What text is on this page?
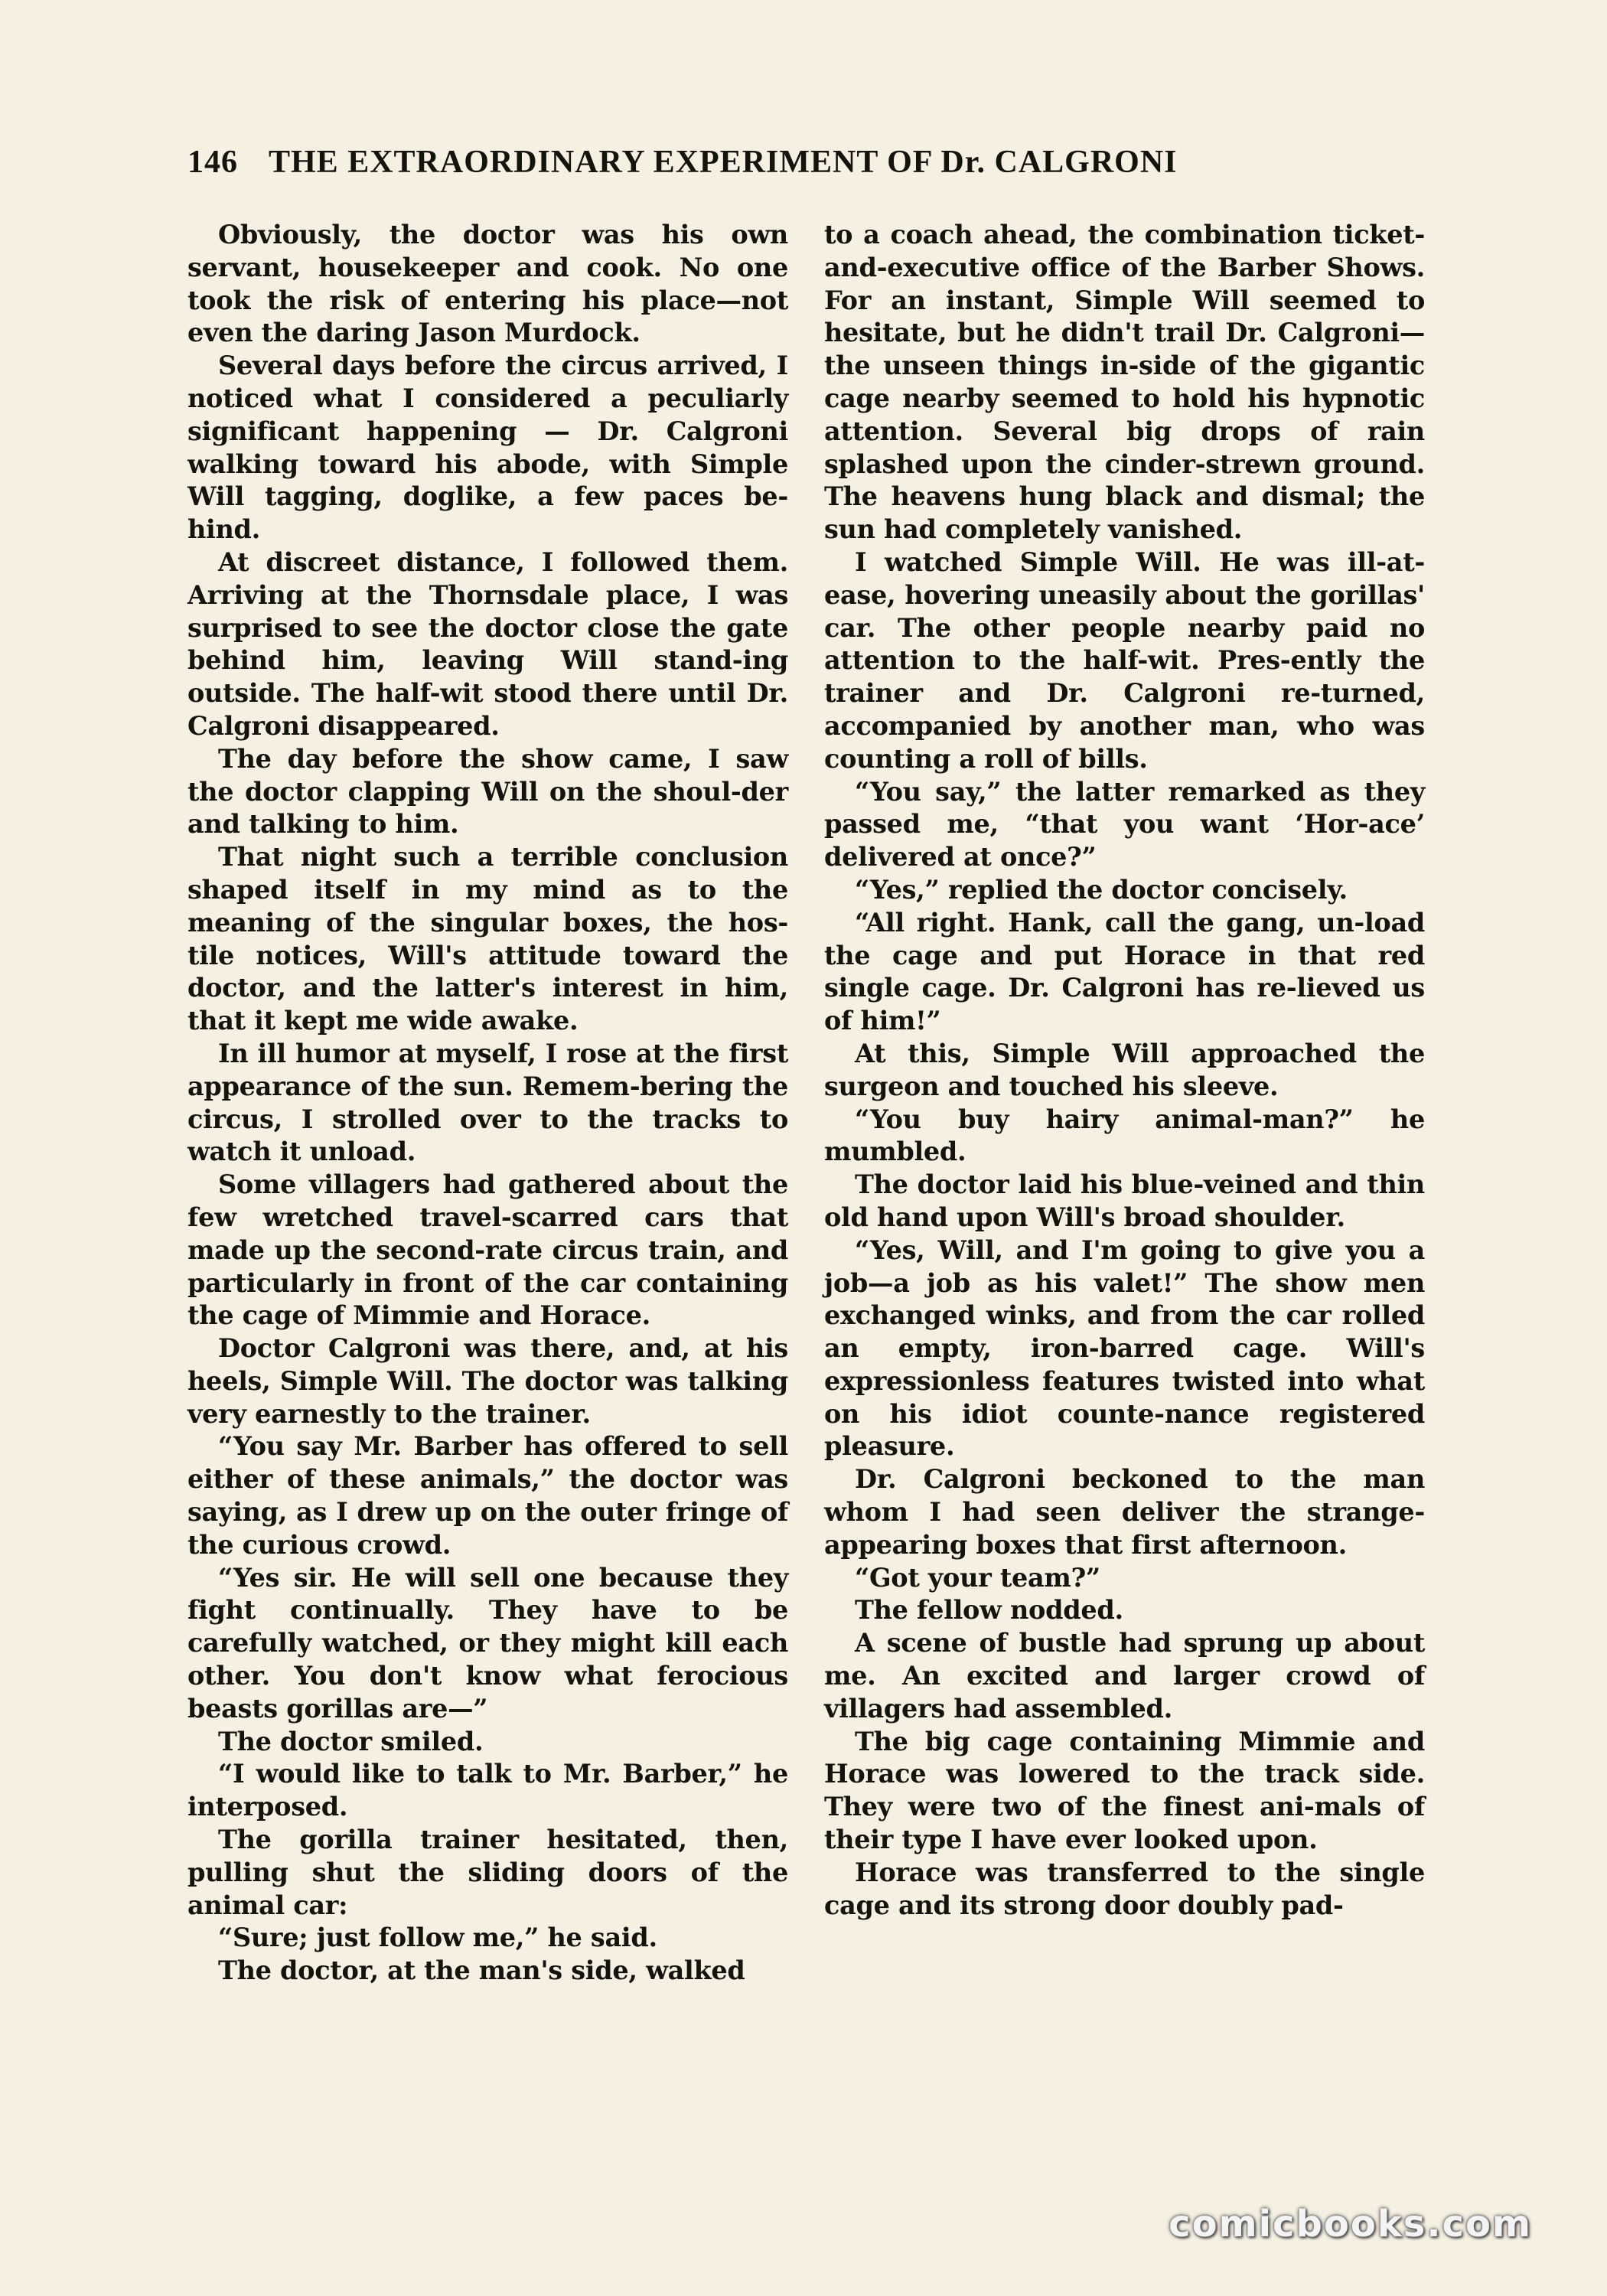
146 THE EXTRAORDINARY EXPERIMENT OF Dr. CALGRONI

Obviously, the doctor was his own servant, housekeeper and cook. No one took the risk of entering his place—not even the daring Jason Murdock.

Several days before the circus arrived, I noticed what I considered a peculiarly significant happening — Dr. Calgroni walking toward his abode, with Simple Will tagging, doglike, a few paces be-hind.

At discreet distance, I followed them. Arriving at the Thornsdale place, I was surprised to see the doctor close the gate behind him, leaving Will stand-ing outside. The half-wit stood there until Dr. Calgroni disappeared.

The day before the show came, I saw the doctor clapping Will on the shoul-der and talking to him.

That night such a terrible conclusion shaped itself in my mind as to the meaning of the singular boxes, the hos-tile notices, Will's attitude toward the doctor, and the latter's interest in him, that it kept me wide awake.

In ill humor at myself, I rose at the first appearance of the sun. Remem-bering the circus, I strolled over to the tracks to watch it unload.

Some villagers had gathered about the few wretched travel-scarred cars that made up the second-rate circus train, and particularly in front of the car containing the cage of Mimmie and Horace.

Doctor Calgroni was there, and, at his heels, Simple Will. The doctor was talking very earnestly to the trainer.

“You say Mr. Barber has offered to sell either of these animals,” the doctor was saying, as I drew up on the outer fringe of the curious crowd.

“Yes sir. He will sell one because they fight continually. They have to be carefully watched, or they might kill each other. You don't know what ferocious beasts gorillas are—”

The doctor smiled.

“I would like to talk to Mr. Barber,” he interposed.

The gorilla trainer hesitated, then, pulling shut the sliding doors of the animal car:

“Sure; just follow me,” he said.

The doctor, at the man's side, walked

to a coach ahead, the combination ticket-and-executive office of the Barber Shows. For an instant, Simple Will seemed to hesitate, but he didn't trail Dr. Calgroni—the unseen things in-side of the gigantic cage nearby seemed to hold his hypnotic attention. Several big drops of rain splashed upon the cinder-strewn ground. The heavens hung black and dismal; the sun had completely vanished.

I watched Simple Will. He was ill-at-ease, hovering uneasily about the gorillas' car. The other people nearby paid no attention to the half-wit. Pres-ently the trainer and Dr. Calgroni re-turned, accompanied by another man, who was counting a roll of bills.

“You say,” the latter remarked as they passed me, “that you want ‘Hor-ace’ delivered at once?”

“Yes,” replied the doctor concisely.

“All right. Hank, call the gang, un-load the cage and put Horace in that red single cage. Dr. Calgroni has re-lieved us of him!”

At this, Simple Will approached the surgeon and touched his sleeve.

“You buy hairy animal-man?” he mumbled.

The doctor laid his blue-veined and thin old hand upon Will's broad shoulder.

“Yes, Will, and I'm going to give you a job—a job as his valet!” The show men exchanged winks, and from the car rolled an empty, iron-barred cage. Will's expressionless features twisted into what on his idiot counte-nance registered pleasure.

Dr. Calgroni beckoned to the man whom I had seen deliver the strange-appearing boxes that first afternoon.

“Got your team?”

The fellow nodded.

A scene of bustle had sprung up about me. An excited and larger crowd of villagers had assembled.

The big cage containing Mimmie and Horace was lowered to the track side. They were two of the finest ani-mals of their type I have ever looked upon.

Horace was transferred to the single cage and its strong door doubly pad-

comicbooks.com
